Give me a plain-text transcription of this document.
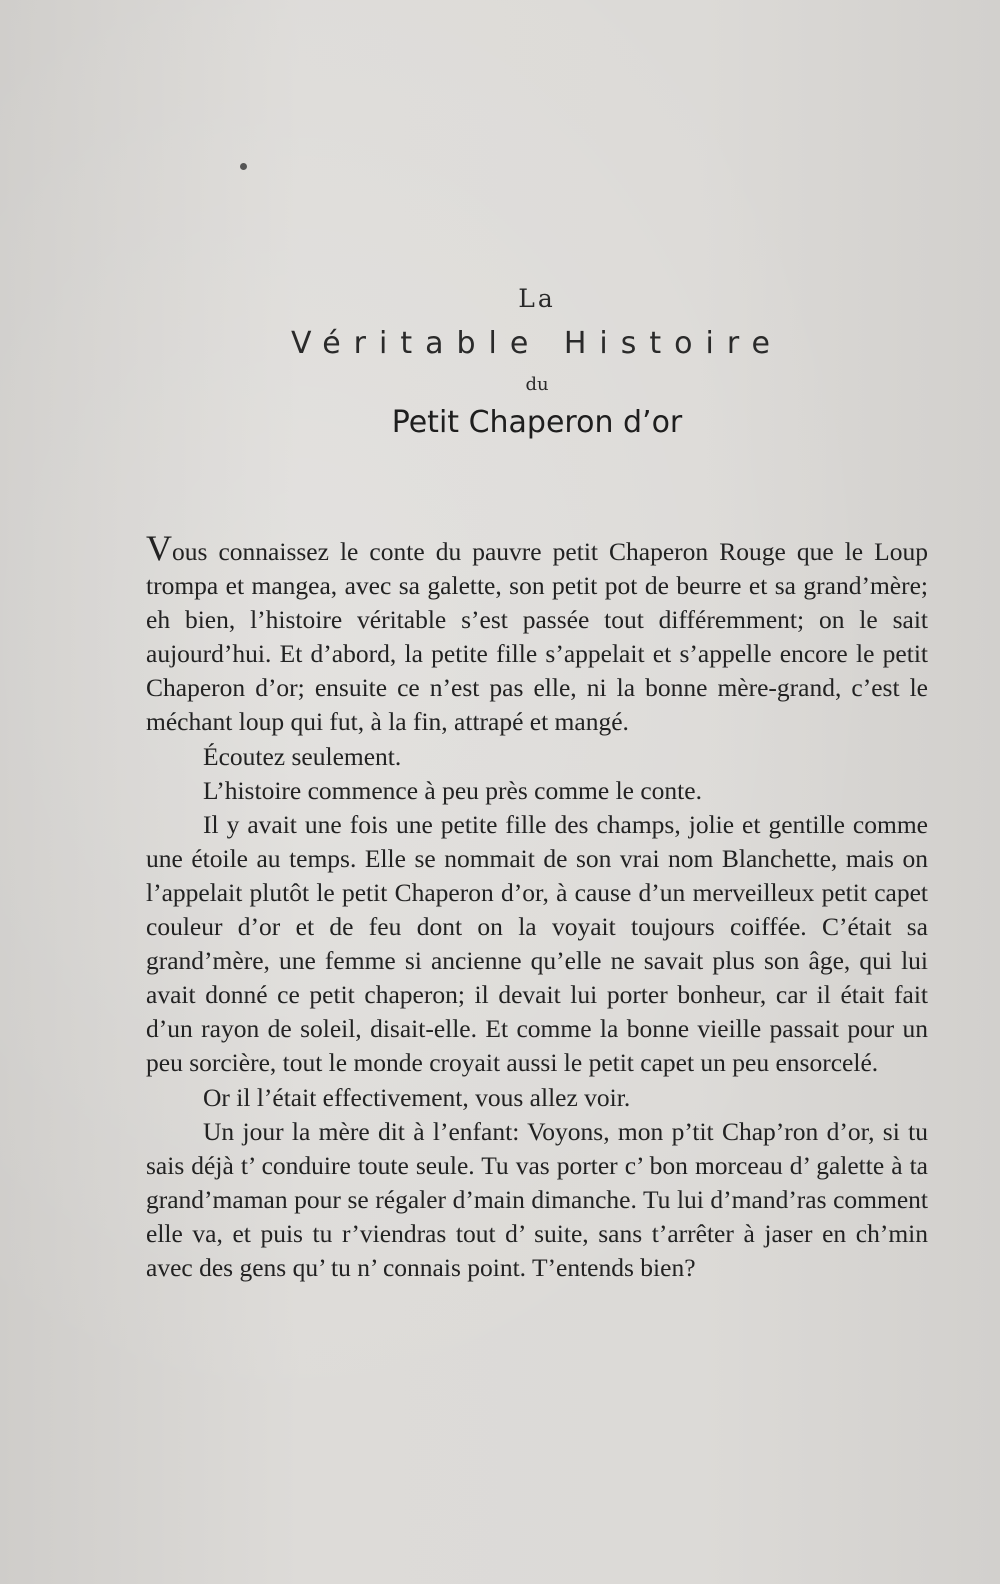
La
Véritable Histoire
du
Petit Chaperon d’or

Vous connaissez le conte du pauvre petit Chaperon Rouge que le Loup trompa et mangea, avec sa galette, son petit pot de beurre et sa grand’mère; eh bien, l’histoire véritable s’est passée tout différemment; on le sait aujourd’hui. Et d’abord, la petite fille s’appelait et s’appelle encore le petit Chaperon d’or; ensuite ce n’est pas elle, ni la bonne mère-grand, c’est le méchant loup qui fut, à la fin, attrapé et mangé.

Écoutez seulement.

L’histoire commence à peu près comme le conte.

Il y avait une fois une petite fille des champs, jolie et gentille comme une étoile au temps. Elle se nommait de son vrai nom Blanchette, mais on l’appelait plutôt le petit Chaperon d’or, à cause d’un merveilleux petit capet couleur d’or et de feu dont on la voyait toujours coiffée. C’était sa grand’mère, une femme si ancienne qu’elle ne savait plus son âge, qui lui avait donné ce petit chaperon; il devait lui porter bonheur, car il était fait d’un rayon de soleil, disait-elle. Et comme la bonne vieille passait pour un peu sorcière, tout le monde croyait aussi le petit capet un peu ensorcelé.

Or il l’était effectivement, vous allez voir.

Un jour la mère dit à l’enfant: Voyons, mon p’tit Chap’ron d’or, si tu sais déjà t’ conduire toute seule. Tu vas porter c’ bon morceau d’ galette à ta grand’maman pour se régaler d’main dimanche. Tu lui d’mand’ras comment elle va, et puis tu r’viendras tout d’ suite, sans t’arrêter à jaser en ch’min avec des gens qu’ tu n’ connais point. T’entends bien?
